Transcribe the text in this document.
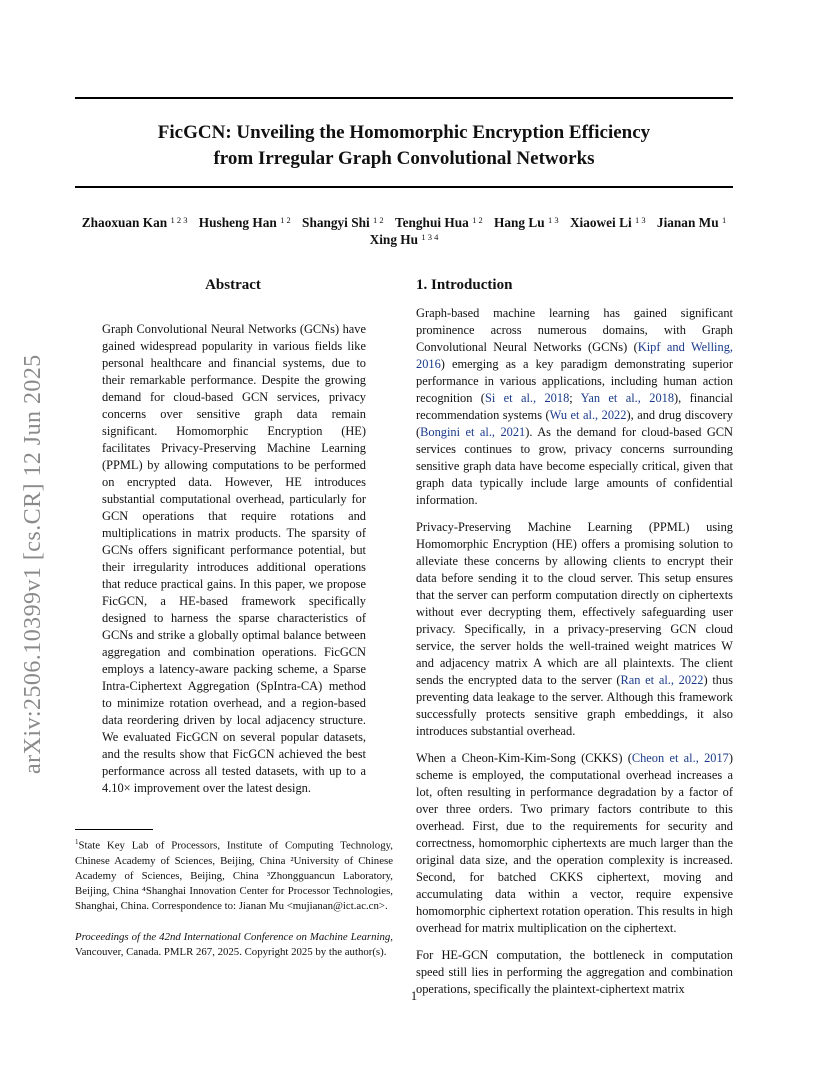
FicGCN: Unveiling the Homomorphic Encryption Efficiency
from Irregular Graph Convolutional Networks
Zhaoxuan Kan $^{1 2 3}$ Husheng Han $^{1 2}$ Shangyi Shi $^{1 2}$ Tenghui Hua $^{1 2}$ Hang Lu $^{1 3}$ Xiaowei Li $^{1 3}$ Jianan Mu $^1$ Xing Hu $^{1 3 4}$
arXiv:2506.10399v1 [cs.CR] 12 Jun 2025
Abstract
Graph Convolutional Neural Networks (GCNs) have gained widespread popularity in various fields like personal healthcare and financial systems, due to their remarkable performance. Despite the growing demand for cloud-based GCN services, privacy concerns over sensitive graph data remain significant. Homomorphic Encryption (HE) facilitates Privacy-Preserving Machine Learning (PPML) by allowing computations to be performed on encrypted data. However, HE introduces substantial computational overhead, particularly for GCN operations that require rotations and multiplications in matrix products. The sparsity of GCNs offers significant performance potential, but their irregularity introduces additional operations that reduce practical gains. In this paper, we propose FicGCN, a HE-based framework specifically designed to harness the sparse characteristics of GCNs and strike a globally optimal balance between aggregation and combination operations. FicGCN employs a latency-aware packing scheme, a Sparse Intra-Ciphertext Aggregation (SpIntra-CA) method to minimize rotation overhead, and a region-based data reordering driven by local adjacency structure. We evaluated FicGCN on several popular datasets, and the results show that FicGCN achieved the best performance across all tested datasets, with up to a 4.10× improvement over the latest design.
1. Introduction

Graph-based machine learning has gained significant prominence across numerous domains, with Graph Convolutional Neural Networks (GCNs) (Kipf and Welling, 2016) emerging as a key paradigm demonstrating superior performance in various applications, including human action recognition (Si et al., 2018; Yan et al., 2018), financial recommendation systems (Wu et al., 2022), and drug discovery (Bongini et al., 2021). As the demand for cloud-based GCN services continues to grow, privacy concerns surrounding sensitive graph data have become especially critical, given that graph data typically include large amounts of confidential information.

Privacy-Preserving Machine Learning (PPML) using Homomorphic Encryption (HE) offers a promising solution to alleviate these concerns by allowing clients to encrypt their data before sending it to the cloud server. This setup ensures that the server can perform computation directly on ciphertexts without ever decrypting them, effectively safeguarding user privacy. Specifically, in a privacy-preserving GCN cloud service, the server holds the well-trained weight matrices W and adjacency matrix A which are all plaintexts. The client sends the encrypted data to the server (Ran et al., 2022) thus preventing data leakage to the server. Although this framework successfully protects sensitive graph embeddings, it also introduces substantial overhead.

When a Cheon-Kim-Kim-Song (CKKS) (Cheon et al., 2017) scheme is employed, the computational overhead increases a lot, often resulting in performance degradation by a factor of over three orders. Two primary factors contribute to this overhead. First, due to the requirements for security and correctness, homomorphic ciphertexts are much larger than the original data size, and the operation complexity is increased. Second, for batched CKKS ciphertext, moving and accumulating data within a vector, require expensive homomorphic ciphertext rotation operation. This results in high overhead for matrix multiplication on the ciphertext.

For HE-GCN computation, the bottleneck in computation speed still lies in performing the aggregation and combination operations, specifically the plaintext-ciphertext matrix

$^1$State Key Lab of Processors, Institute of Computing Technology, Chinese Academy of Sciences, Beijing, China ²University of Chinese Academy of Sciences, Beijing, China ³Zhongguancun Laboratory, Beijing, China ⁴Shanghai Innovation Center for Processor Technologies, Shanghai, China. Correspondence to: Jianan Mu <mujianan@ict.ac.cn>.
Proceedings of the 42nd International Conference on Machine Learning, Vancouver, Canada. PMLR 267, 2025. Copyright 2025 by the author(s).
1
